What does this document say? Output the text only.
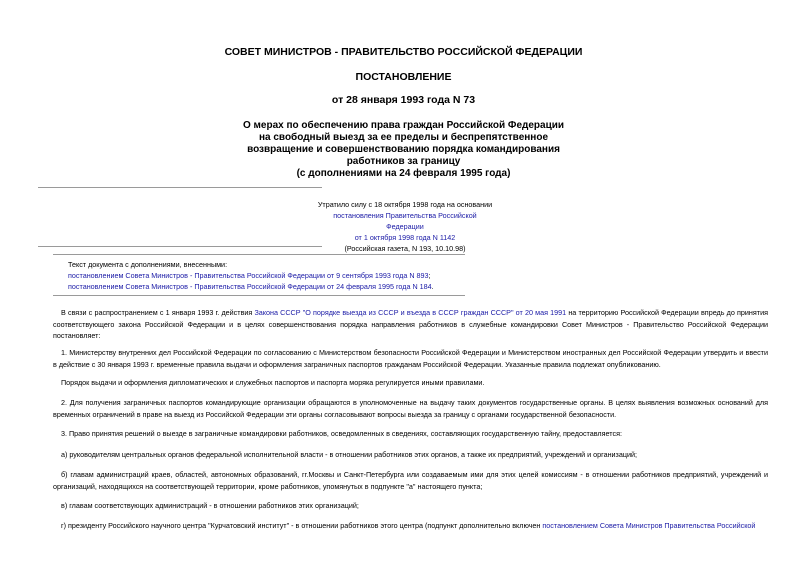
СОВЕТ МИНИСТРОВ - ПРАВИТЕЛЬСТВО РОССИЙСКОЙ ФЕДЕРАЦИИ
ПОСТАНОВЛЕНИЕ
от 28 января 1993 года N 73
О мерах по обеспечению права граждан Российской Федерации
на свободный выезд за ее пределы и беспрепятственное
возвращение и совершенствованию порядка командирования
работников за границу
(с дополнениями на 24 февраля 1995 года)
Утратило силу с 18 октября 1998 года на основании
постановления Правительства Российской Федерации
от 1 октября 1998 года N 1142
(Российская газета, N 193, 10.10.98)
Текст документа с дополнениями, внесенными:
постановлением Совета Министров - Правительства Российской Федерации от 9 сентября 1993 года N 893;
постановлением Совета Министров - Правительства Российской Федерации от 24 февраля 1995 года N 184.
В связи с распространением с 1 января 1993 г. действия Закона СССР "О порядке выезда из СССР и въезда в СССР граждан СССР" от 20 мая 1991 на территорию Российской Федерации впредь до принятия соответствующего закона Российской Федерации и в целях совершенствования порядка направления работников в служебные командировки Совет Министров - Правительство Российской Федерации постановляет:
1. Министерству внутренних дел Российской Федерации по согласованию с Министерством безопасности Российской Федерации и Министерством иностранных дел Российской Федерации утвердить и ввести в действие с 30 января 1993 г. временные правила выдачи и оформления заграничных паспортов гражданам Российской Федерации. Указанные правила подлежат опубликованию.
Порядок выдачи и оформления дипломатических и служебных паспортов и паспорта моряка регулируется иными правилами.
2. Для получения заграничных паспортов командирующие организации обращаются в уполномоченные на выдачу таких документов государственные органы. В целях выявления возможных оснований для временных ограничений в праве на выезд из Российской Федерации эти органы согласовывают вопросы выезда за границу с органами государственной безопасности.
3. Право принятия решений о выезде в заграничные командировки работников, осведомленных в сведениях, составляющих государственную тайну, предоставляется:
а) руководителям центральных органов федеральной исполнительной власти - в отношении работников этих органов, а также их предприятий, учреждений и организаций;
б) главам администраций краев, областей, автономных образований, гг.Москвы и Санкт-Петербурга или создаваемым ими для этих целей комиссиям - в отношении работников предприятий, учреждений и организаций, находящихся на соответствующей территории, кроме работников, упомянутых в подпункте "а" настоящего пункта;
в) главам соответствующих администраций - в отношении работников этих организаций;
г) президенту Российского научного центра "Курчатовский институт" - в отношении работников этого центра (подпункт дополнительно включен постановлением Совета Министров Правительства Российской
